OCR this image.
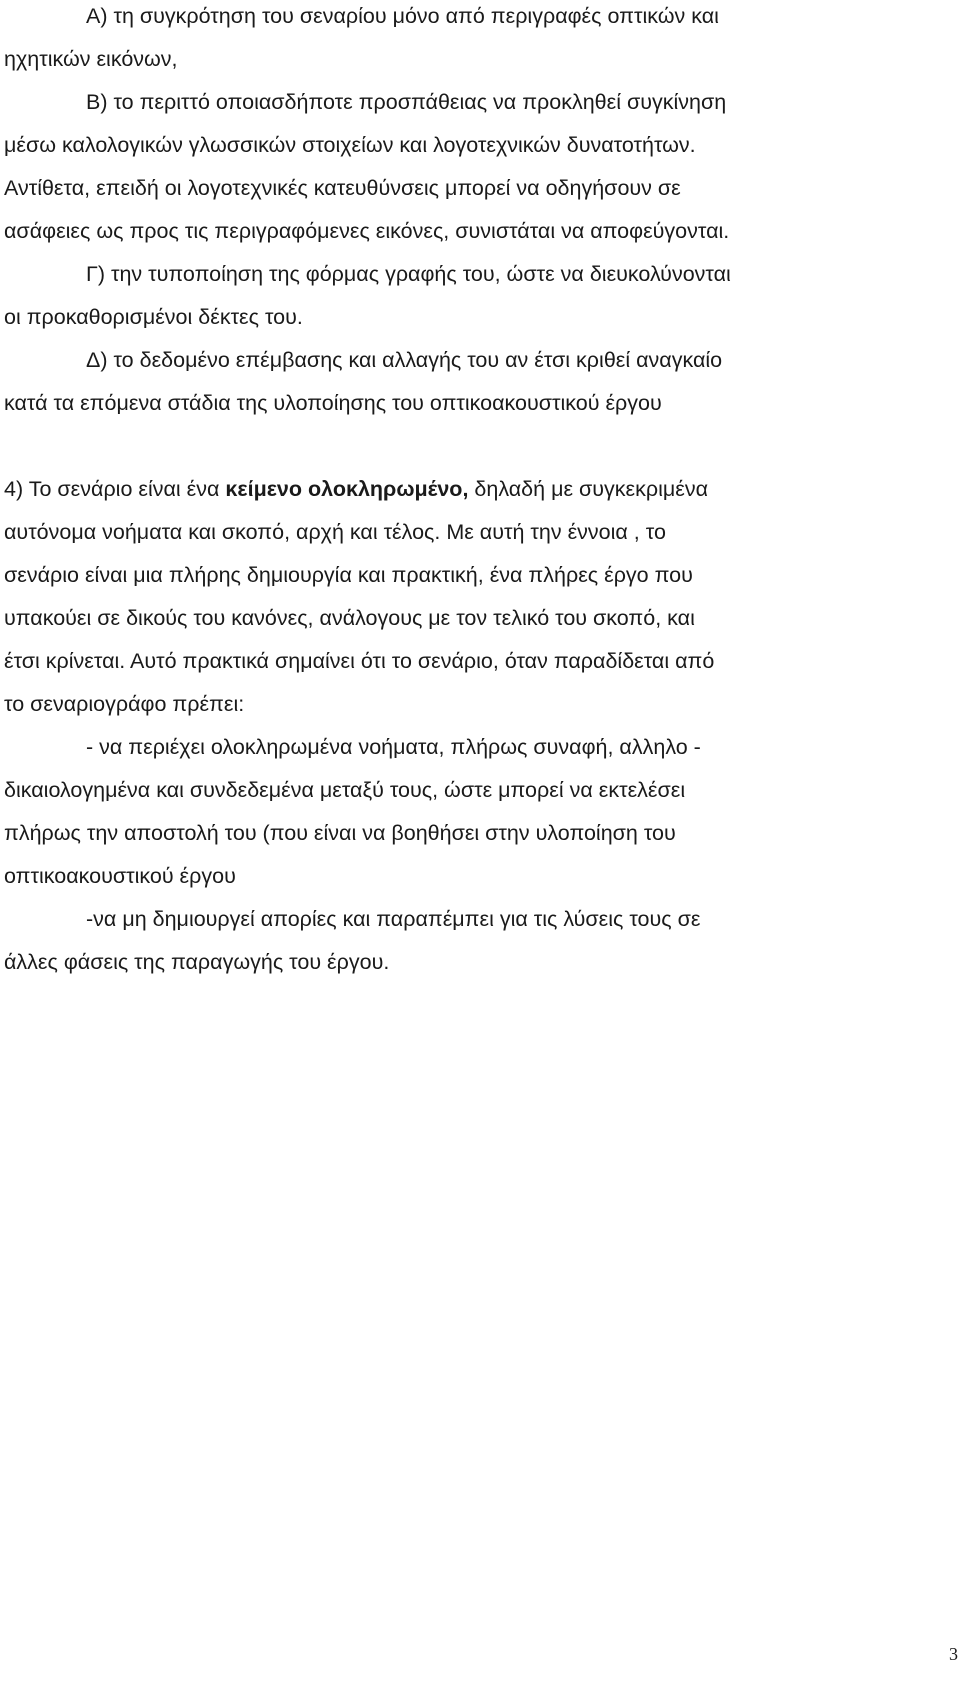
Α) τη συγκρότηση του σεναρίου μόνο από περιγραφές οπτικών και
ηχητικών εικόνων,
Β) το περιττό οποιασδήποτε προσπάθειας να προκληθεί συγκίνηση
μέσω καλολογικών γλωσσικών στοιχείων και λογοτεχνικών δυνατοτήτων.
Αντίθετα, επειδή οι λογοτεχνικές κατευθύνσεις μπορεί να οδηγήσουν σε
ασάφειες ως προς τις περιγραφόμενες εικόνες, συνιστάται να αποφεύγονται.
Γ) την τυποποίηση της φόρμας γραφής του, ώστε να διευκολύνονται
οι προκαθορισμένοι δέκτες του.
Δ) το δεδομένο επέμβασης και αλλαγής του αν έτσι κριθεί αναγκαίο
κατά τα επόμενα στάδια της υλοποίησης του οπτικοακουστικού έργου
4) Το σενάριο είναι ένα κείμενο ολοκληρωμένο, δηλαδή με συγκεκριμένα
αυτόνομα νοήματα και σκοπό, αρχή και τέλος. Με αυτή την έννοια , το
σενάριο είναι μια πλήρης δημιουργία και πρακτική, ένα πλήρες έργο που
υπακούει σε δικούς του κανόνες, ανάλογους με τον τελικό του σκοπό, και
έτσι κρίνεται. Αυτό πρακτικά σημαίνει ότι το σενάριο, όταν παραδίδεται από
το σεναριογράφο πρέπει:
- να περιέχει ολοκληρωμένα νοήματα, πλήρως συναφή, αλληλο -
δικαιολογημένα και συνδεδεμένα μεταξύ τους, ώστε μπορεί να εκτελέσει
πλήρως την αποστολή του (που είναι να βοηθήσει στην υλοποίηση του
οπτικοακουστικού έργου
-να μη δημιουργεί απορίες και παραπέμπει για τις λύσεις τους σε
άλλες φάσεις της παραγωγής του έργου.
3
